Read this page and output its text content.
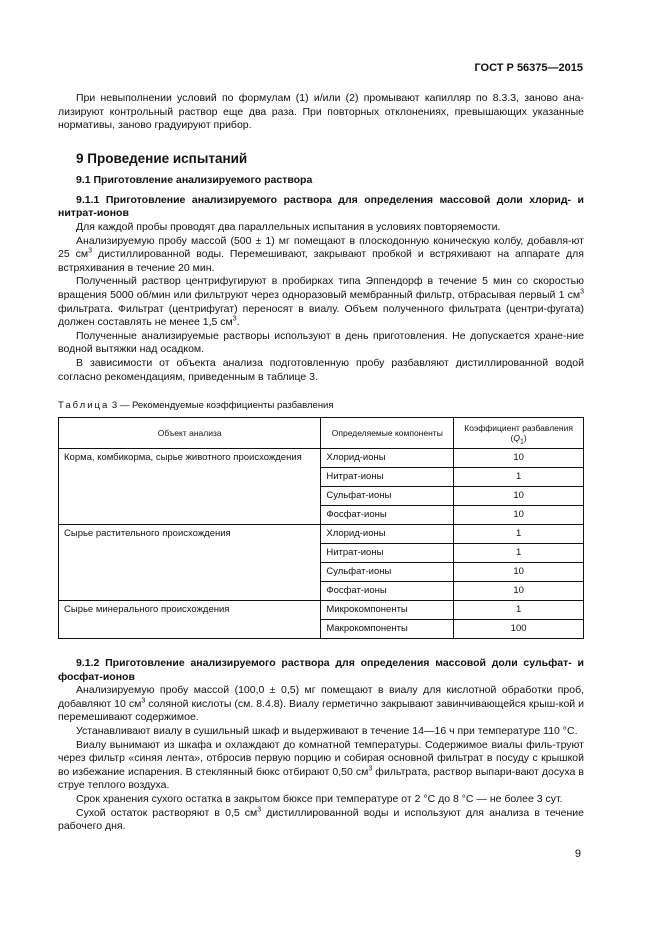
ГОСТ Р 56375—2015

При невыполнении условий по формулам (1) и/или (2) промывают капилляр по 8.3.3, заново ана-лизируют контрольный раствор еще два раза. При повторных отклонениях, превышающих указанные нормативы, заново градуируют прибор.

9 Проведение испытаний
9.1 Приготовление анализируемого раствора
9.1.1 Приготовление анализируемого раствора для определения массовой доли хлорид- и нитрат-ионов

Для каждой пробы проводят два параллельных испытания в условиях повторяемости.

Анализируемую пробу массой (500 ± 1) мг помещают в плоскодонную коническую колбу, добавля-ют 25 $см^3$ дистиллированной воды. Перемешивают, закрывают пробкой и встряхивают на аппарате для встряхивания в течение 20 мин.

Полученный раствор центрифугируют в пробирках типа Эппендорф в течение 5 мин со скоростью вращения 5000 об/мин или фильтруют через одноразовый мембранный фильтр, отбрасывая первый 1 $см^3$ фильтрата. Фильтрат (центрифугат) переносят в виалу. Объем полученного фильтрата (центри-фугата) должен составлять не менее 1,5 $см^3$.

Полученные анализируемые растворы используют в день приготовления. Не допускается хране-ние водной вытяжки над осадком.

В зависимости от объекта анализа подготовленную пробу разбавляют дистиллированной водой согласно рекомендациям, приведенным в таблице 3.

Таблица 3 — Рекомендуемые коэффициенты разбавления
Объект анализа	Определяемые компоненты	Коэффициент разбавления $(Q_1)$
Корма, комбикорма, сырье животного происхождения	Хлорид-ионы	10
	Нитрат-ионы	1
	Сульфат-ионы	10
	Фосфат-ионы	10
Сырье растительного происхождения	Хлорид-ионы	1
	Нитрат-ионы	1
	Сульфат-ионы	10
	Фосфат-ионы	10
Сырье минерального происхождения	Микрокомпоненты	1
	Макрокомпоненты	100
9.1.2 Приготовление анализируемого раствора для определения массовой доли сульфат- и фосфат-ионов

Анализируемую пробу массой (100,0 ± 0,5) мг помещают в виалу для кислотной обработки проб, добавляют 10 $см^3$ соляной кислоты (см. 8.4.8). Виалу герметично закрывают завинчивающейся крыш-кой и перемешивают содержимое.

Устанавливают виалу в сушильный шкаф и выдерживают в течение 14—16 ч при температуре 110 °С.

Виалу вынимают из шкафа и охлаждают до комнатной температуры. Содержимое виалы филь-труют через фильтр «синяя лента», отбросив первую порцию и собирая основной фильтрат в посуду с крышкой во избежание испарения. В стеклянный бюкс отбирают 0,50 $см^3$ фильтрата, раствор выпари-вают досуха в струе теплого воздуха.

Срок хранения сухого остатка в закрытом бюксе при температуре от 2 °С до 8 °С — не более 3 сут.

Сухой остаток растворяют в 0,5 $см^3$ дистиллированной воды и используют для анализа в течение рабочего дня.

9
